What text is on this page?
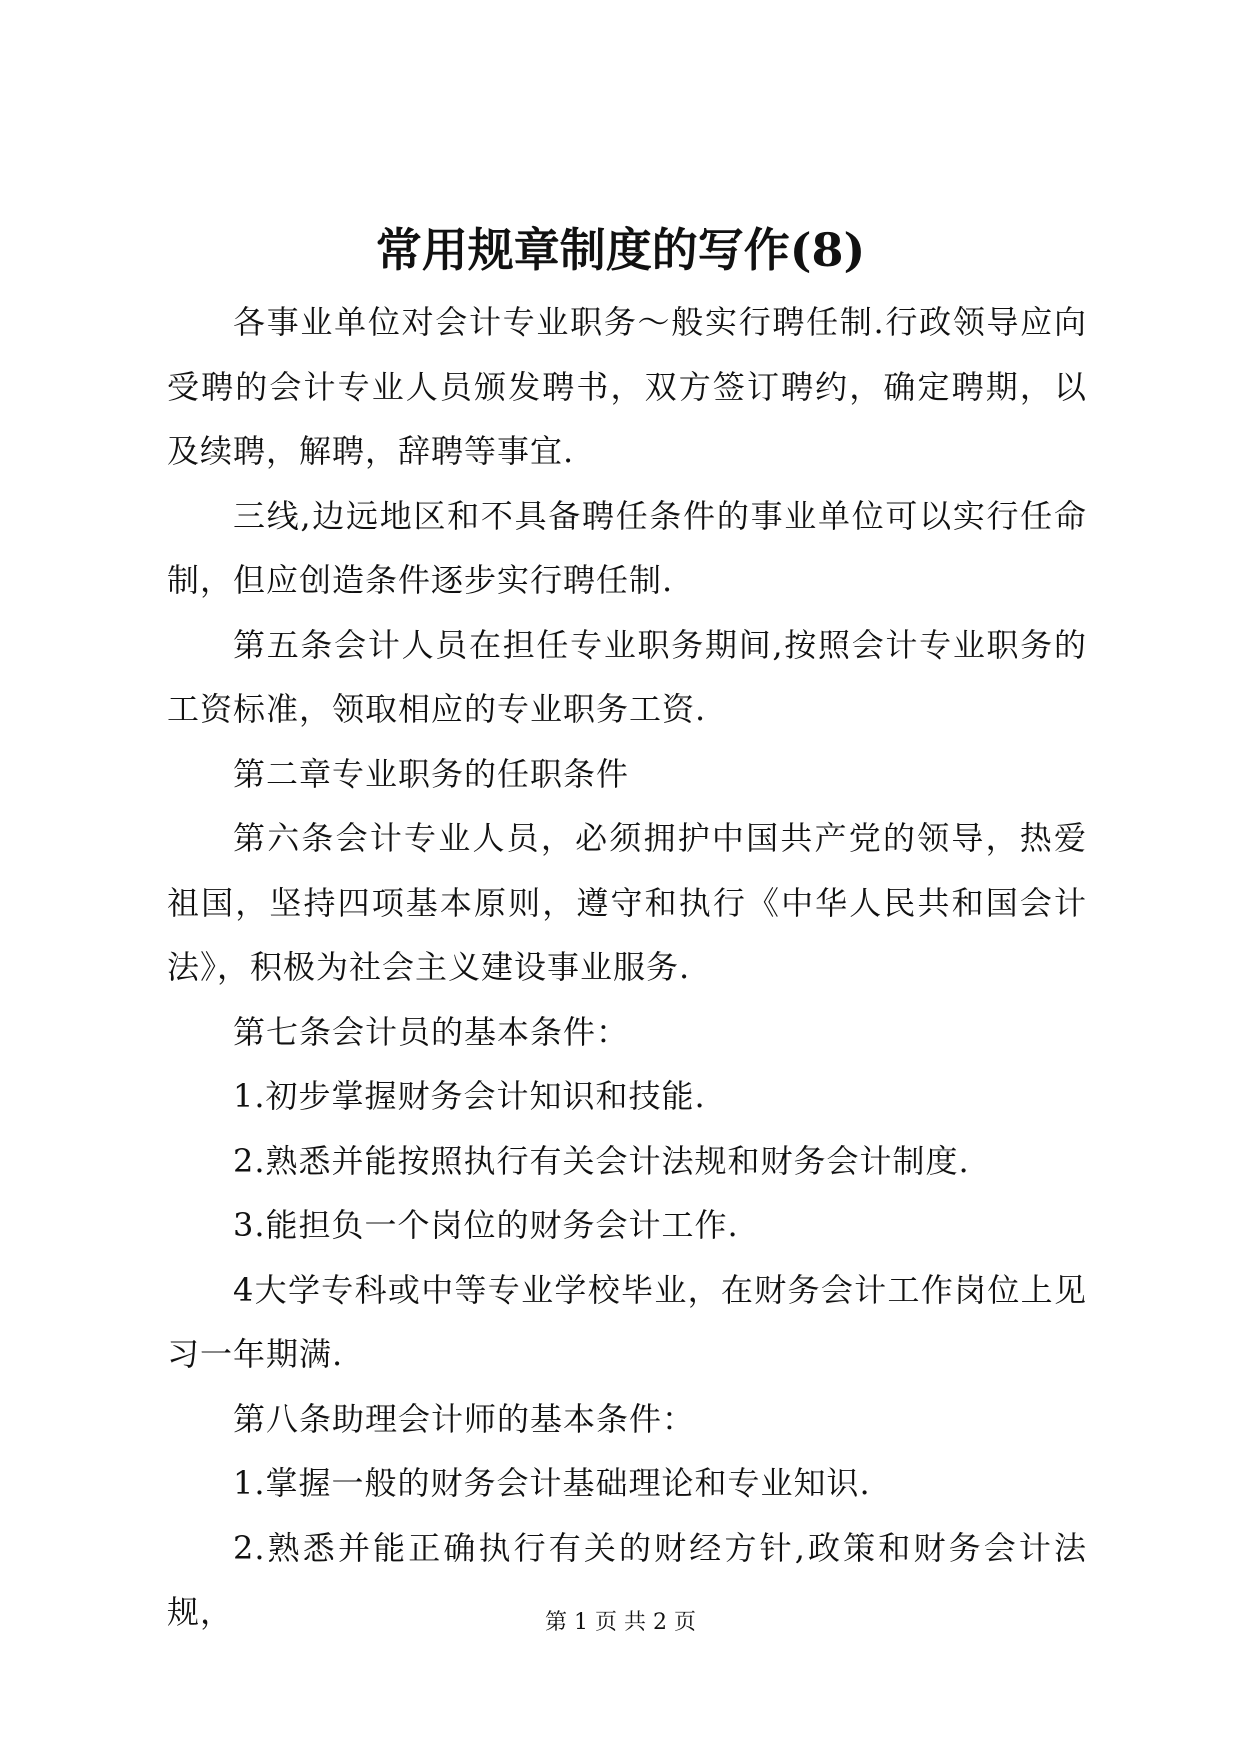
常用规章制度的写作(8)

各事业单位对会计专业职务～般实行聘任制.行政领导应向受聘的会计专业人员颁发聘书，双方签订聘约，确定聘期，以及续聘，解聘，辞聘等事宜.

三线,边远地区和不具备聘任条件的事业单位可以实行任命制，但应创造条件逐步实行聘任制.

第五条会计人员在担任专业职务期间,按照会计专业职务的工资标准，领取相应的专业职务工资.

第二章专业职务的任职条件

第六条会计专业人员，必须拥护中国共产党的领导，热爱祖国，坚持四项基本原则，遵守和执行《中华人民共和国会计法》，积极为社会主义建设事业服务.

第七条会计员的基本条件：

1.初步掌握财务会计知识和技能.

2.熟悉并能按照执行有关会计法规和财务会计制度.

3.能担负一个岗位的财务会计工作.

4大学专科或中等专业学校毕业，在财务会计工作岗位上见习一年期满.

第八条助理会计师的基本条件：

1.掌握一般的财务会计基础理论和专业知识.

2.熟悉并能正确执行有关的财经方针,政策和财务会计法规，	第 1 页 共 2 页
